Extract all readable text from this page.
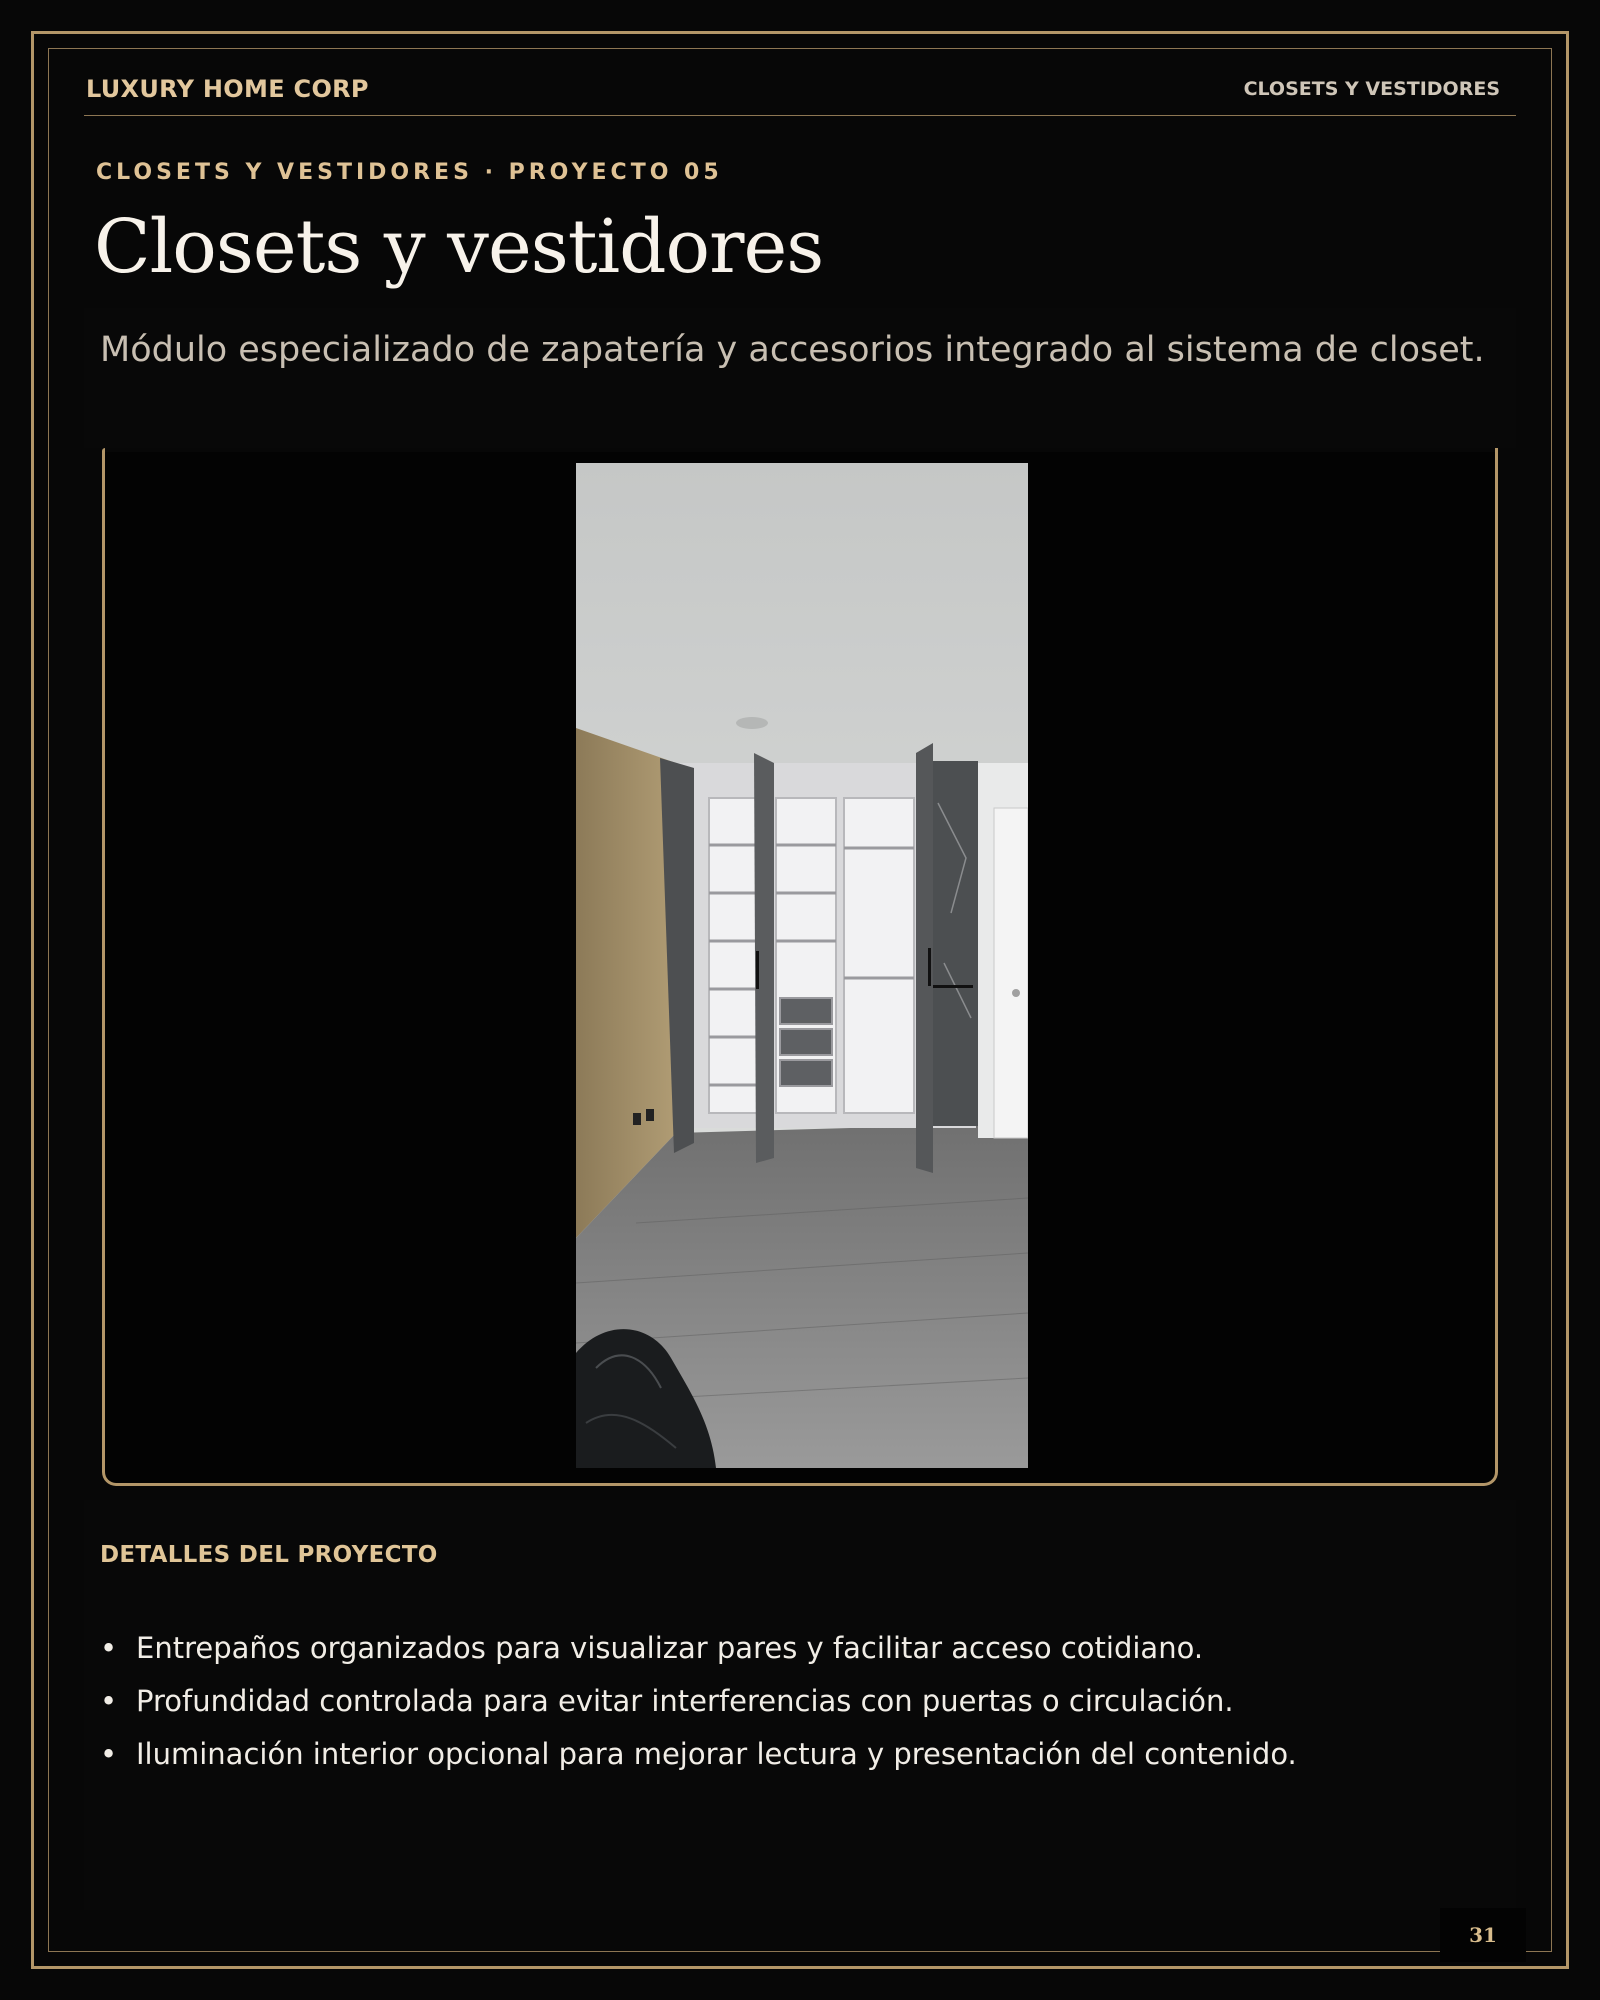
LUXURY HOME CORP	CLOSETS Y VESTIDORES
CLOSETS Y VESTIDORES · PROYECTO 05
Closets y vestidores

Módulo especializado de zapatería y accesorios integrado al sistema de closet.

DETALLES DEL PROYECTO
• Entrepaños organizados para visualizar pares y facilitar acceso cotidiano.
• Profundidad controlada para evitar interferencias con puertas o circulación.
• Iluminación interior opcional para mejorar lectura y presentación del contenido.
31
